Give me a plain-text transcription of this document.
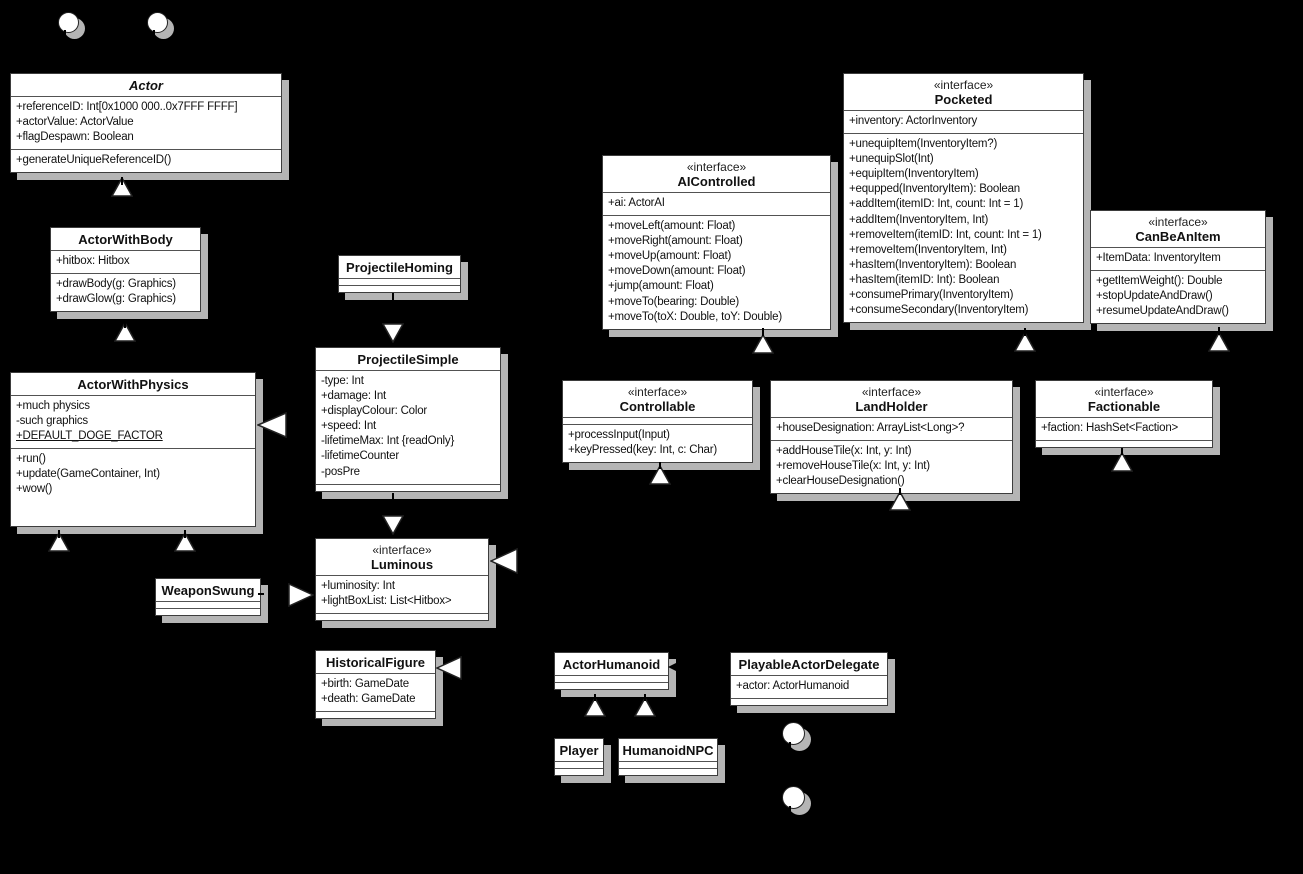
Actor
+referenceID: Int[0x1000 000..0x7FFF FFFF]
+actorValue: ActorValue
+flagDespawn: Boolean
+generateUniqueReferenceID()
ActorWithBody
+hitbox: Hitbox
+drawBody(g: Graphics)
+drawGlow(g: Graphics)
ActorWithPhysics
+much physics
-such graphics
+DEFAULT_DOGE_FACTOR
+run()
+update(GameContainer, Int)
+wow()
ProjectileHoming
ProjectileSimple
-type: Int
+damage: Int
+displayColour: Color
+speed: Int
-lifetimeMax: Int {readOnly}
-lifetimeCounter
-posPre
«interface»
Luminous
+luminosity: Int
+lightBoxList: List<Hitbox>
WeaponSwung
HistoricalFigure
+birth: GameDate
+death: GameDate
«interface»
AIControlled
+ai: ActorAI
+moveLeft(amount: Float)
+moveRight(amount: Float)
+moveUp(amount: Float)
+moveDown(amount: Float)
+jump(amount: Float)
+moveTo(bearing: Double)
+moveTo(toX: Double, toY: Double)
«interface»
Pocketed
+inventory: ActorInventory
+unequipItem(InventoryItem?)
+unequipSlot(Int)
+equipItem(InventoryItem)
+equpped(InventoryItem): Boolean
+addItem(itemID: Int, count: Int = 1)
+addItem(InventoryItem, Int)
+removeItem(itemID: Int, count: Int = 1)
+removeItem(InventoryItem, Int)
+hasItem(InventoryItem): Boolean
+hasItem(itemID: Int): Boolean
+consumePrimary(InventoryItem)
+consumeSecondary(InventoryItem)
«interface»
CanBeAnItem
+ItemData: InventoryItem
+getItemWeight(): Double
+stopUpdateAndDraw()
+resumeUpdateAndDraw()
«interface»
Controllable
+processInput(Input)
+keyPressed(key: Int, c: Char)
«interface»
LandHolder
+houseDesignation: ArrayList<Long>?
+addHouseTile(x: Int, y: Int)
+removeHouseTile(x: Int, y: Int)
+clearHouseDesignation()
«interface»
Factionable
+faction: HashSet<Faction>
ActorHumanoid	PlayableActorDelegate
+actor: ActorHumanoid
Player	HumanoidNPC
